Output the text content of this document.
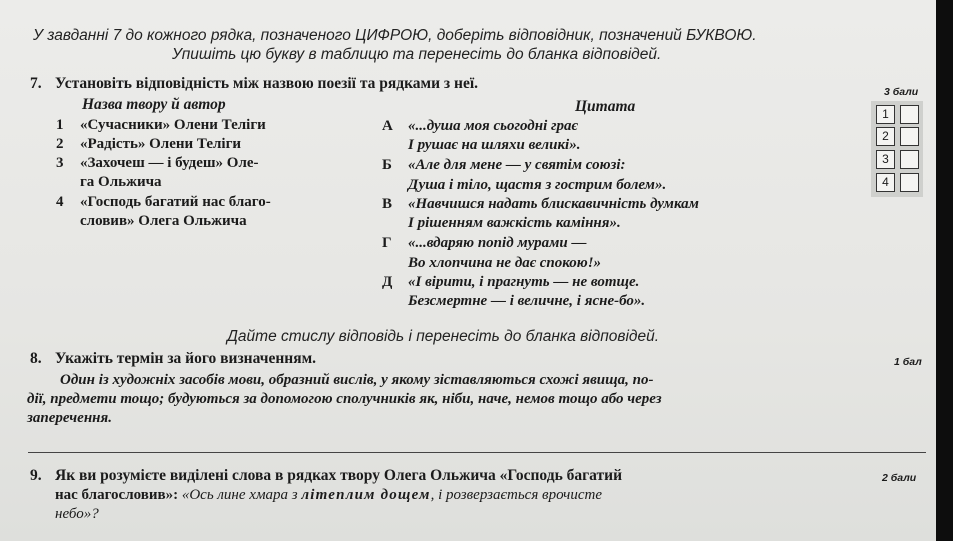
У завданні 7 до кожного рядка, позначеного ЦИФРОЮ, доберіть відповідник, позначений БУКВОЮ.
Упишіть цю букву в таблицю та перенесіть до бланка відповідей.
7. Установіть відповідність між назвою поезії та рядками з неї.	3 бали
Назва твору й автор	Цитата
1 «Сучасники» Олени Теліги
2 «Радість» Олени Теліги
3 «Захочеш — і будеш» Оле-
га Ольжича
4 «Господь багатий нас благо-
словив» Олега Ольжича
А «...душа моя сьогодні грає
І рушає на шляхи великі».
Б «Але для мене — у святім союзі:
Душа і тіло, щастя з гострим болем».
В «Навчишся надать блискавичність думкам
І рішенням важкість каміння».
Г «...вдаряю попід мурами —
Во хлопчина не дає спокою!»
Д «І вірити, і прагнуть — не вотще.
Безсмертне — і величне, і ясне-бо».
1
2
3
4
Дайте стислу відповідь і перенесіть до бланка відповідей.
8. Укажіть термін за його визначенням.	1 бал
Один із художніх засобів мови, образний вислів, у якому зіставляються схожі явища, по-
дії, предмети тощо; будуються за допомогою сполучників як, ніби, наче, немов тощо або через
заперечення.
9. Як ви розумієте виділені слова в рядках твору Олега Ольжича «Господь багатий	2 бали
нас благословив»: «Ось лине хмара з літеплим дощем, і розверзається врочисте
небо»?
